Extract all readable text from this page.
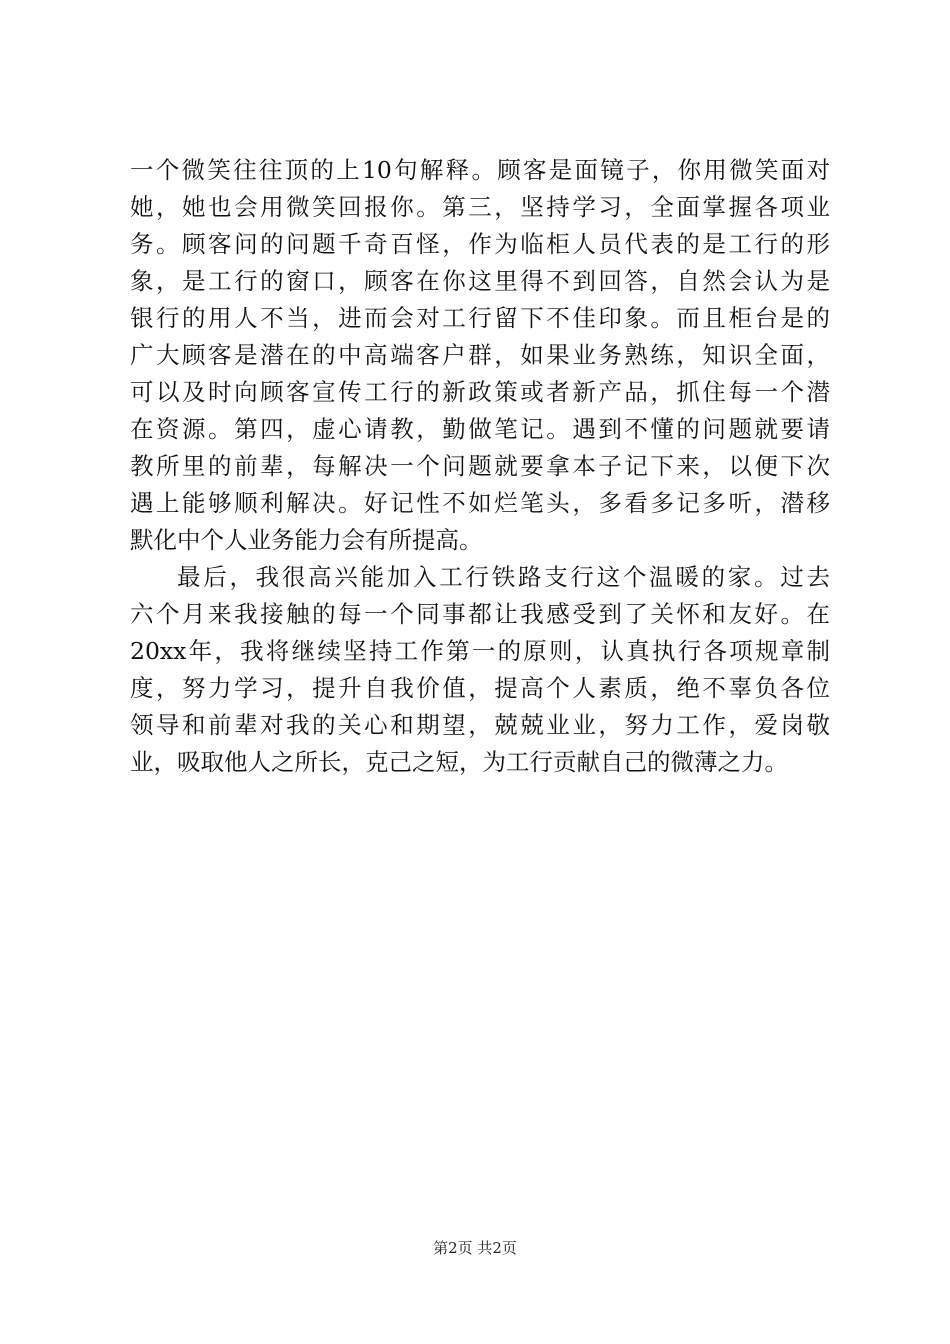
一个微笑往往顶的上10句解释。顾客是面镜子，你用微笑面对
她，她也会用微笑回报你。第三，坚持学习，全面掌握各项业
务。顾客问的问题千奇百怪，作为临柜人员代表的是工行的形
象，是工行的窗口，顾客在你这里得不到回答，自然会认为是
银行的用人不当，进而会对工行留下不佳印象。而且柜台是的
广大顾客是潜在的中高端客户群，如果业务熟练，知识全面，
可以及时向顾客宣传工行的新政策或者新产品，抓住每一个潜
在资源。第四，虚心请教，勤做笔记。遇到不懂的问题就要请
教所里的前辈，每解决一个问题就要拿本子记下来，以便下次
遇上能够顺利解决。好记性不如烂笔头，多看多记多听，潜移
默化中个人业务能力会有所提高。
最后，我很高兴能加入工行铁路支行这个温暖的家。过去
六个月来我接触的每一个同事都让我感受到了关怀和友好。在
20xx年，我将继续坚持工作第一的原则，认真执行各项规章制
度，努力学习，提升自我价值，提高个人素质，绝不辜负各位
领导和前辈对我的关心和期望，兢兢业业，努力工作，爱岗敬
业，吸取他人之所长，克己之短，为工行贡献自己的微薄之力。
第2页 共2页
